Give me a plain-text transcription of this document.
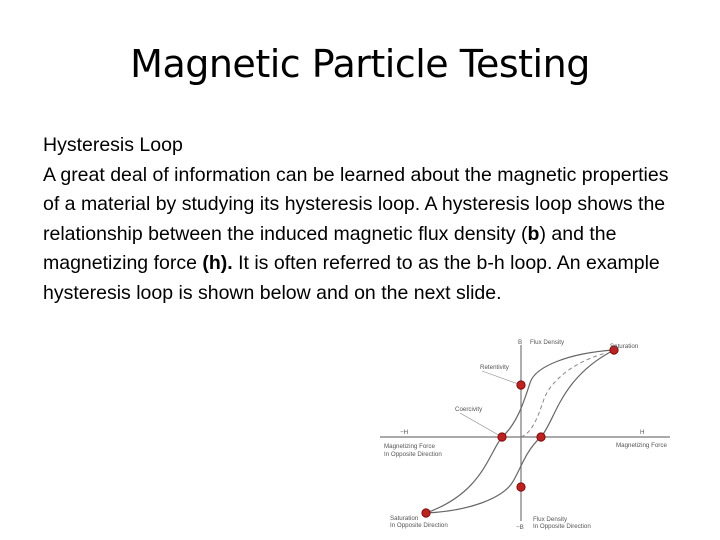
Magnetic Particle Testing
Hysteresis Loop

A great deal of information can be learned about the magnetic properties of a material by studying its hysteresis loop. A hysteresis loop shows the relationship between the induced magnetic flux density (b) and the magnetizing force (h). It is often referred to as the b-h loop. An example hysteresis loop is shown below and on the next slide.

B Flux Density
Saturation
Retentivity
Coercivity
−H
Magnetizing Force
In Opposite Direction
H
Magnetizing Force
Saturation
In Opposite Direction	−B
Flux Density
In Opposite Direction
